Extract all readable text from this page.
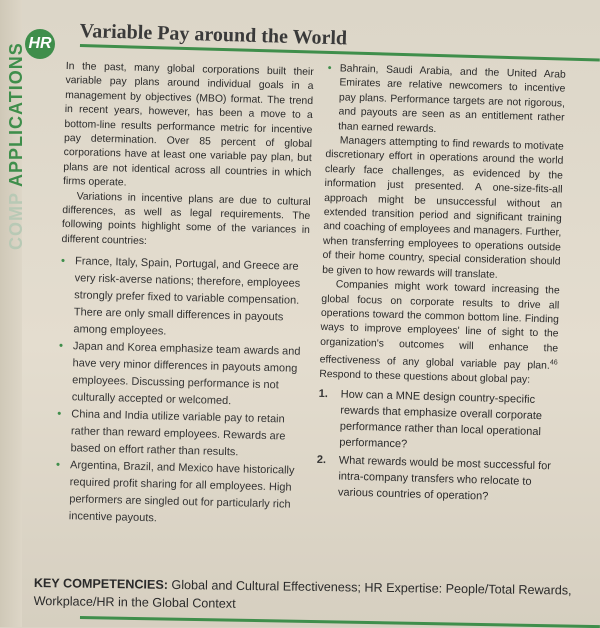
HR Variable Pay around the World
COMP APPLICATIONS	In the past, many global corporations built their variable pay plans around individual goals in a management by objectives (MBO) format. The trend in recent years, however, has been a move to a bottom-line results performance metric for incentive pay determination. Over 85 percent of global corporations have at least one variable pay plan, but plans are not identical across all countries in which firms operate.

Variations in incentive plans are due to cultural differences, as well as legal requirements. The following points highlight some of the variances in different countries:

• France, Italy, Spain, Portugal, and Greece are very risk-averse nations; therefore, employees strongly prefer fixed to variable compensation. There are only small differences in payouts among employees.
• Japan and Korea emphasize team awards and have very minor differences in payouts among employees. Discussing performance is not culturally accepted or welcomed.
• China and India utilize variable pay to retain rather than reward employees. Rewards are based on effort rather than results.
• Argentina, Brazil, and Mexico have historically required profit sharing for all employees. High performers are singled out for particularly rich incentive payouts.

• Bahrain, Saudi Arabia, and the United Arab Emirates are relative newcomers to incentive pay plans. Performance targets are not rigorous, and payouts are seen as an entitlement rather than earned rewards.

Managers attempting to find rewards to motivate discretionary effort in operations around the world clearly face challenges, as evidenced by the information just presented. A one-size-fits-all approach might be unsuccessful without an extended transition period and significant training and coaching of employees and managers. Further, when transferring employees to operations outside of their home country, special consideration should be given to how rewards will translate.

Companies might work toward increasing the global focus on corporate results to drive all operations toward the common bottom line. Finding ways to improve employees' line of sight to the organization's outcomes will enhance the effectiveness of any global variable pay plan.$^{46}$ Respond to these questions about global pay:

1. How can a MNE design country-specific rewards that emphasize overall corporate performance rather than local operational performance?
2. What rewards would be most successful for intra-company transfers who relocate to various countries of operation?
KEY COMPETENCIES: Global and Cultural Effectiveness; HR Expertise: People/Total Rewards, Workplace/HR in the Global Context
